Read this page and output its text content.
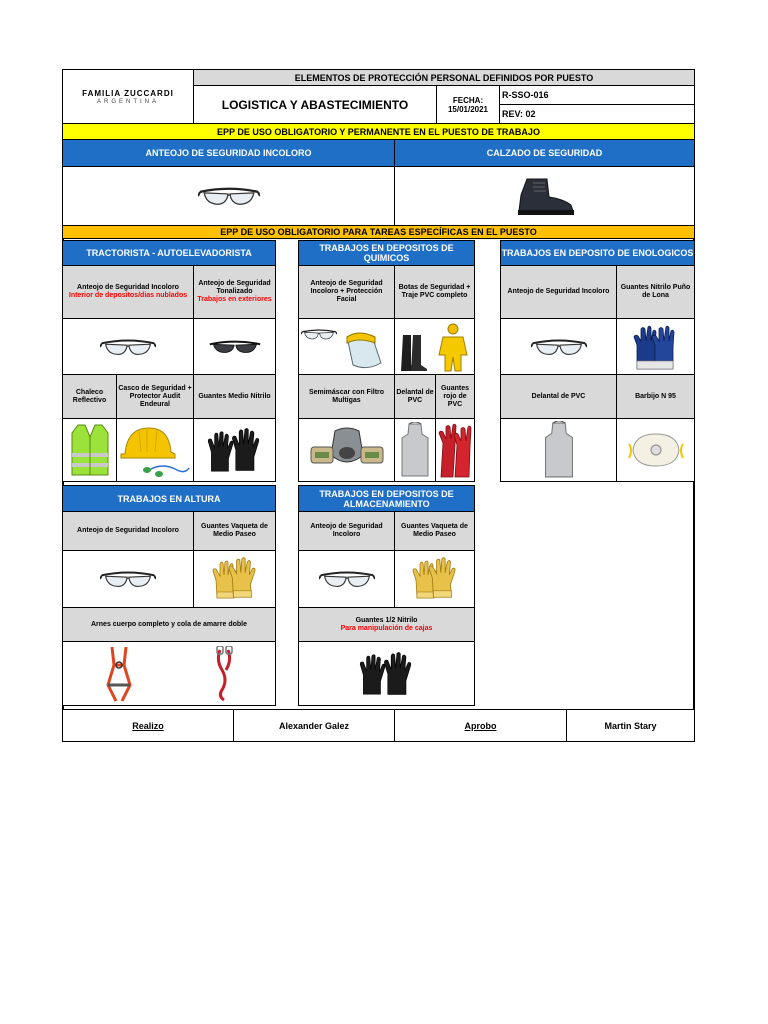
FAMILIA ZUCCARDI
ARGENTINA
ELEMENTOS DE PROTECCIÓN PERSONAL DEFINIDOS POR PUESTO
LOGISTICA Y ABASTECIMIENTO	FECHA:
15/01/2021
R-SSO-016
REV: 02
EPP DE USO OBLIGATORIO Y PERMANENTE EN EL PUESTO DE TRABAJO
ANTEOJO DE SEGURIDAD INCOLORO	CALZADO DE SEGURIDAD
EPP DE USO OBLIGATORIO PARA TAREAS ESPECÍFICAS EN EL PUESTO
TRACTORISTA - AUTOELEVADORISTA
Anteojo de Seguridad Incoloro
Interior de depositos/dias nublados
Anteojo de Seguridad Tonalizado
Trabajos en exteriores
Chaleco Reflectivo
Casco de Seguridad + Protector Audit Endeural
Guantes Medio Nitrilo
TRABAJOS EN DEPOSITOS DE QUIMICOS
Anteojo de Seguridad Incoloro + Protección Facial
Botas de Seguridad + Traje PVC completo
Semimáscar con Filtro Multigas
Delantal de PVC
Guantes rojo de PVC
TRABAJOS EN DEPOSITO DE ENOLOGICOS
Anteojo de Seguridad Incoloro
Guantes Nitrilo Puño de Lona
Delantal de PVC	Barbijo N 95
TRABAJOS EN ALTURA
Anteojo de Seguridad Incoloro
Guantes Vaqueta de Medio Paseo
Arnes cuerpo completo y cola de amarre doble
TRABAJOS EN DEPOSITOS DE ALMACENAMIENTO
Anteojo de Seguridad Incoloro
Guantes Vaqueta de Medio Paseo
Guantes 1/2 Nitrilo
Para manipulación de cajas
Realizo	Alexander Galez	Aprobo	Martin Stary
